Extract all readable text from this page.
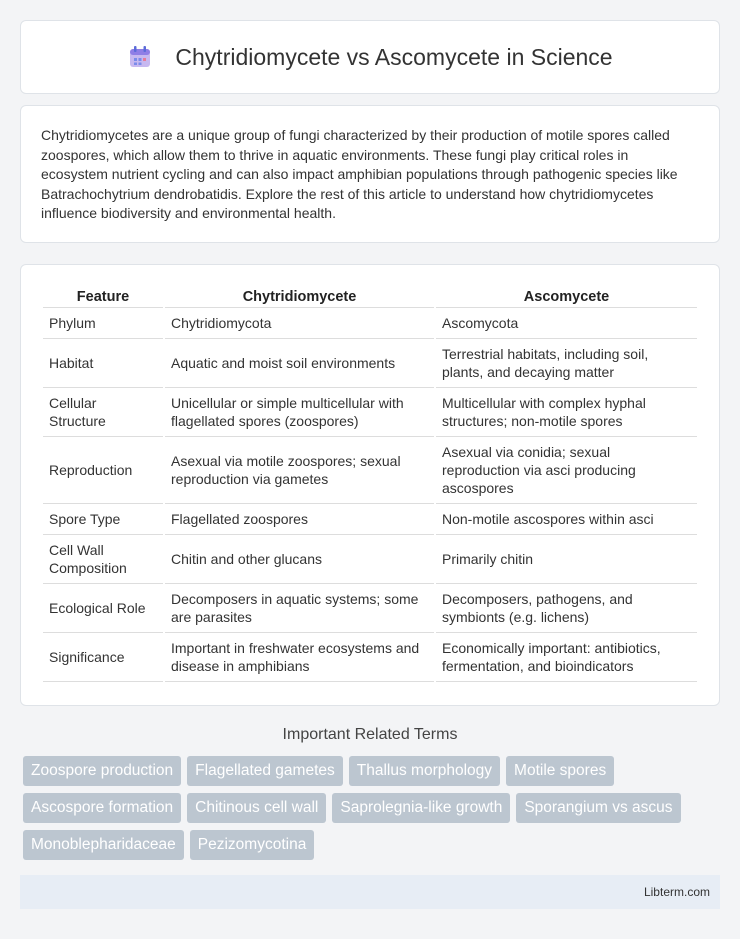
Chytridiomycete vs Ascomycete in Science

Chytridiomycetes are a unique group of fungi characterized by their production of motile spores called zoospores, which allow them to thrive in aquatic environments. These fungi play critical roles in ecosystem nutrient cycling and can also impact amphibian populations through pathogenic species like Batrachochytrium dendrobatidis. Explore the rest of this article to understand how chytridiomycetes influence biodiversity and environmental health.

Feature	Chytridiomycete	Ascomycete
Phylum	Chytridiomycota	Ascomycota
Habitat	Aquatic and moist soil environments	Terrestrial habitats, including soil, plants, and decaying matter
Cellular Structure	Unicellular or simple multicellular with flagellated spores (zoospores)	Multicellular with complex hyphal structures; non-motile spores
Reproduction	Asexual via motile zoospores; sexual reproduction via gametes	Asexual via conidia; sexual reproduction via asci producing ascospores
Spore Type	Flagellated zoospores	Non-motile ascospores within asci
Cell Wall Composition	Chitin and other glucans	Primarily chitin
Ecological Role	Decomposers in aquatic systems; some are parasites	Decomposers, pathogens, and symbionts (e.g. lichens)
Significance	Important in freshwater ecosystems and disease in amphibians	Economically important: antibiotics, fermentation, and bioindicators

Important Related Terms

Zoospore production	Flagellated gametes	Thallus morphology	Motile spores
Ascospore formation	Chitinous cell wall	Saprolegnia-like growth	Sporangium vs ascus
Monoblepharidaceae	Pezizomycotina
Libterm.com
